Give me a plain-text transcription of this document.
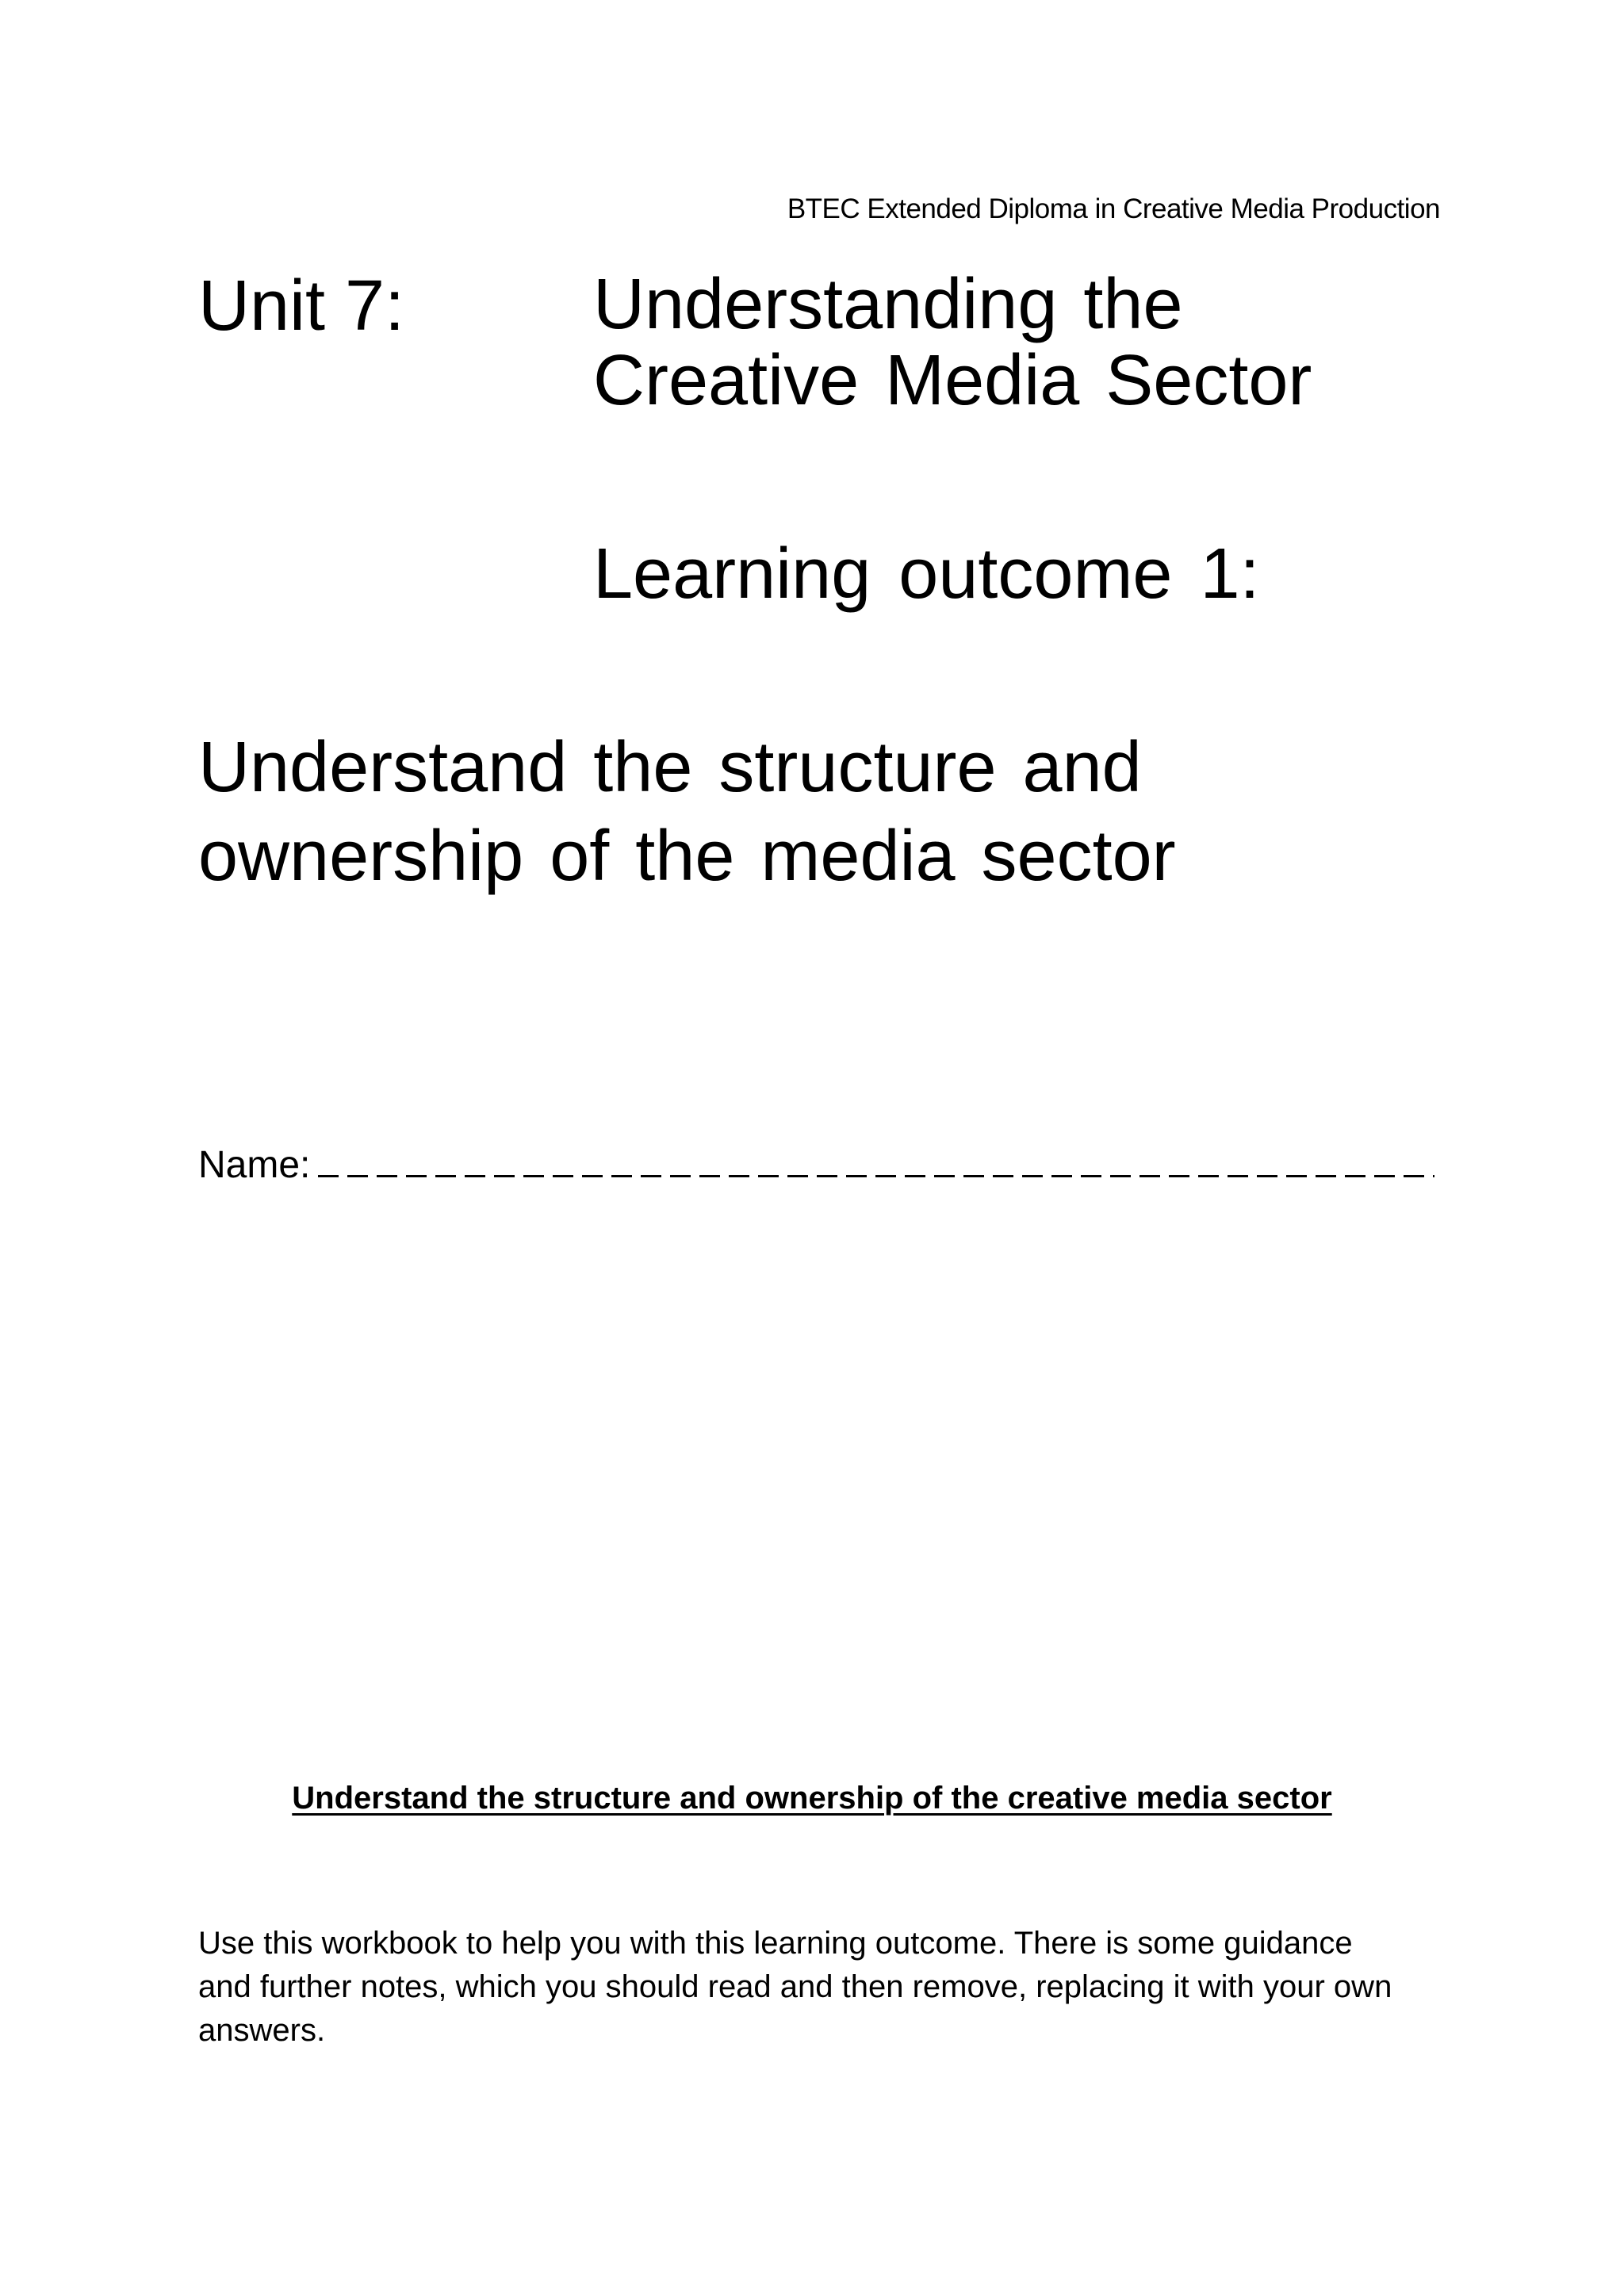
BTEC Extended Diploma in Creative Media Production
Unit 7:	Understanding the Creative Media Sector
Learning outcome 1:
Understand the structure and ownership of the media sector
Name:
Understand the structure and ownership of the creative media sector
Use this workbook to help you with this learning outcome. There is some guidance and further notes, which you should read and then remove, replacing it with your own answers.
